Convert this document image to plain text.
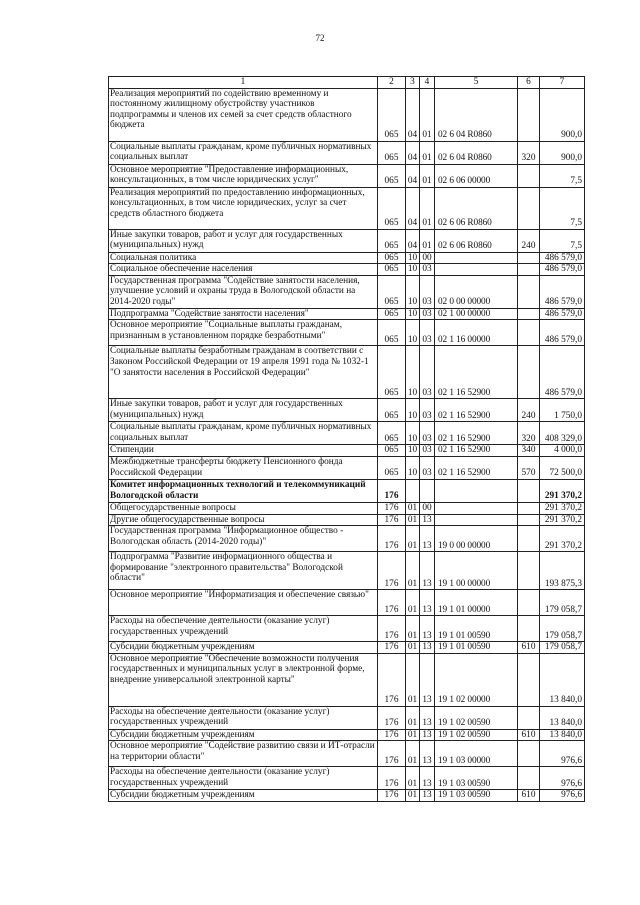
72
1	2	3	4	5	6	7
Реализация мероприятий по содействию временному и постоянному жилищному обустройству участников подпрограммы и членов их семей за счет средств областного бюджета	065	04	01	02 6 04 R0860		900,0
Социальные выплаты гражданам, кроме публичных нормативных социальных выплат	065	04	01	02 6 04 R0860	320	900,0
Основное мероприятие "Предоставление информационных, консультационных, в том числе юридических услуг"	065	04	01	02 6 06 00000		7,5
Реализация мероприятий по предоставлению информационных, консультационных, в том числе юридических, услуг за счет средств областного бюджета	065	04	01	02 6 06 R0860		7,5
Иные закупки товаров, работ и услуг для государственных (муниципальных) нужд	065	04	01	02 6 06 R0860	240	7,5
Социальная политика	065	10	00			486 579,0
Социальное обеспечение населения	065	10	03			486 579,0
Государственная программа "Содействие занятости населения, улучшение условий и охраны труда в Вологодской области на 2014-2020 годы"	065	10	03	02 0 00 00000		486 579,0
Подпрограмма "Содействие занятости населения"	065	10	03	02 1 00 00000		486 579,0
Основное мероприятие "Социальные выплаты гражданам, признанным в установленном порядке безработными"	065	10	03	02 1 16 00000		486 579,0
Социальные выплаты безработным гражданам в соответствии с Законом Российской Федерации от 19 апреля 1991 года № 1032-1 "О занятости населения в Российской Федерации"	065	10	03	02 1 16 52900		486 579,0
Иные закупки товаров, работ и услуг для государственных (муниципальных) нужд	065	10	03	02 1 16 52900	240	1 750,0
Социальные выплаты гражданам, кроме публичных нормативных социальных выплат	065	10	03	02 1 16 52900	320	408 329,0
Стипендии	065	10	03	02 1 16 52900	340	4 000,0
Межбюджетные трансферты бюджету Пенсионного фонда Российской Федерации	065	10	03	02 1 16 52900	570	72 500,0
Комитет информационных технологий и телекоммуникаций Вологодской области	176					291 370,2
Общегосударственные вопросы	176	01	00			291 370,2
Другие общегосударственные вопросы	176	01	13			291 370,2
Государственная программа "Информационное общество - Вологодская область (2014-2020 годы)"	176	01	13	19 0 00 00000		291 370,2
Подпрограмма "Развитие информационного общества и формирование "электронного правительства" Вологодской области"	176	01	13	19 1 00 00000		193 875,3
Основное мероприятие "Информатизация и обеспечение связью"	176	01	13	19 1 01 00000		179 058,7
Расходы на обеспечение деятельности (оказание услуг) государственных учреждений	176	01	13	19 1 01 00590		179 058,7
Субсидии бюджетным учреждениям	176	01	13	19 1 01 00590	610	179 058,7
Основное мероприятие "Обеспечение возможности получения государственных и муниципальных услуг в электронной форме, внедрение универсальной электронной карты"	176	01	13	19 1 02 00000		13 840,0
Расходы на обеспечение деятельности (оказание услуг) государственных учреждений	176	01	13	19 1 02 00590		13 840,0
Субсидии бюджетным учреждениям	176	01	13	19 1 02 00590	610	13 840,0
Основное мероприятие "Содействие развитию связи и ИТ-отрасли на территории области"	176	01	13	19 1 03 00000		976,6
Расходы на обеспечение деятельности (оказание услуг) государственных учреждений	176	01	13	19 1 03 00590		976,6
Субсидии бюджетным учреждениям	176	01	13	19 1 03 00590	610	976,6
